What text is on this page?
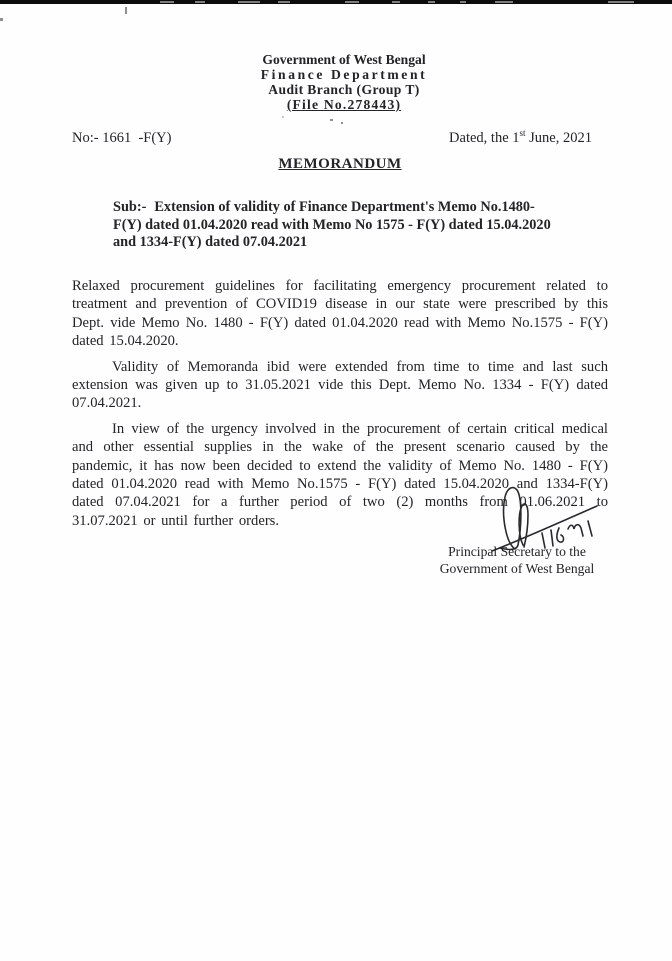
Government of West Bengal
Finance Department
Audit Branch (Group T)
(File No.278443)
No:- 1661  -F(Y)	Dated, the 1st June, 2021
MEMORANDUM
Sub:- Extension of validity of Finance Department's Memo No.1480- F(Y) dated 01.04.2020 read with Memo No 1575 - F(Y) dated 15.04.2020 and 1334-F(Y) dated 07.04.2021

Relaxed procurement guidelines for facilitating emergency procurement related to treatment and prevention of COVID19 disease in our state were prescribed by this Dept. vide Memo No. 1480 - F(Y) dated 01.04.2020 read with Memo No.1575 - F(Y) dated 15.04.2020.

Validity of Memoranda ibid were extended from time to time and last such extension was given up to 31.05.2021 vide this Dept. Memo No. 1334 - F(Y) dated 07.04.2021.

In view of the urgency involved in the procurement of certain critical medical and other essential supplies in the wake of the present scenario caused by the pandemic, it has now been decided to extend the validity of Memo No. 1480 - F(Y) dated 01.04.2020 read with Memo No.1575 - F(Y) dated 15.04.2020 and 1334-F(Y) dated 07.04.2021 for a further period of two (2) months from 01.06.2021 to 31.07.2021 or until further orders.

Principal Secretary to the
Government of West Bengal
